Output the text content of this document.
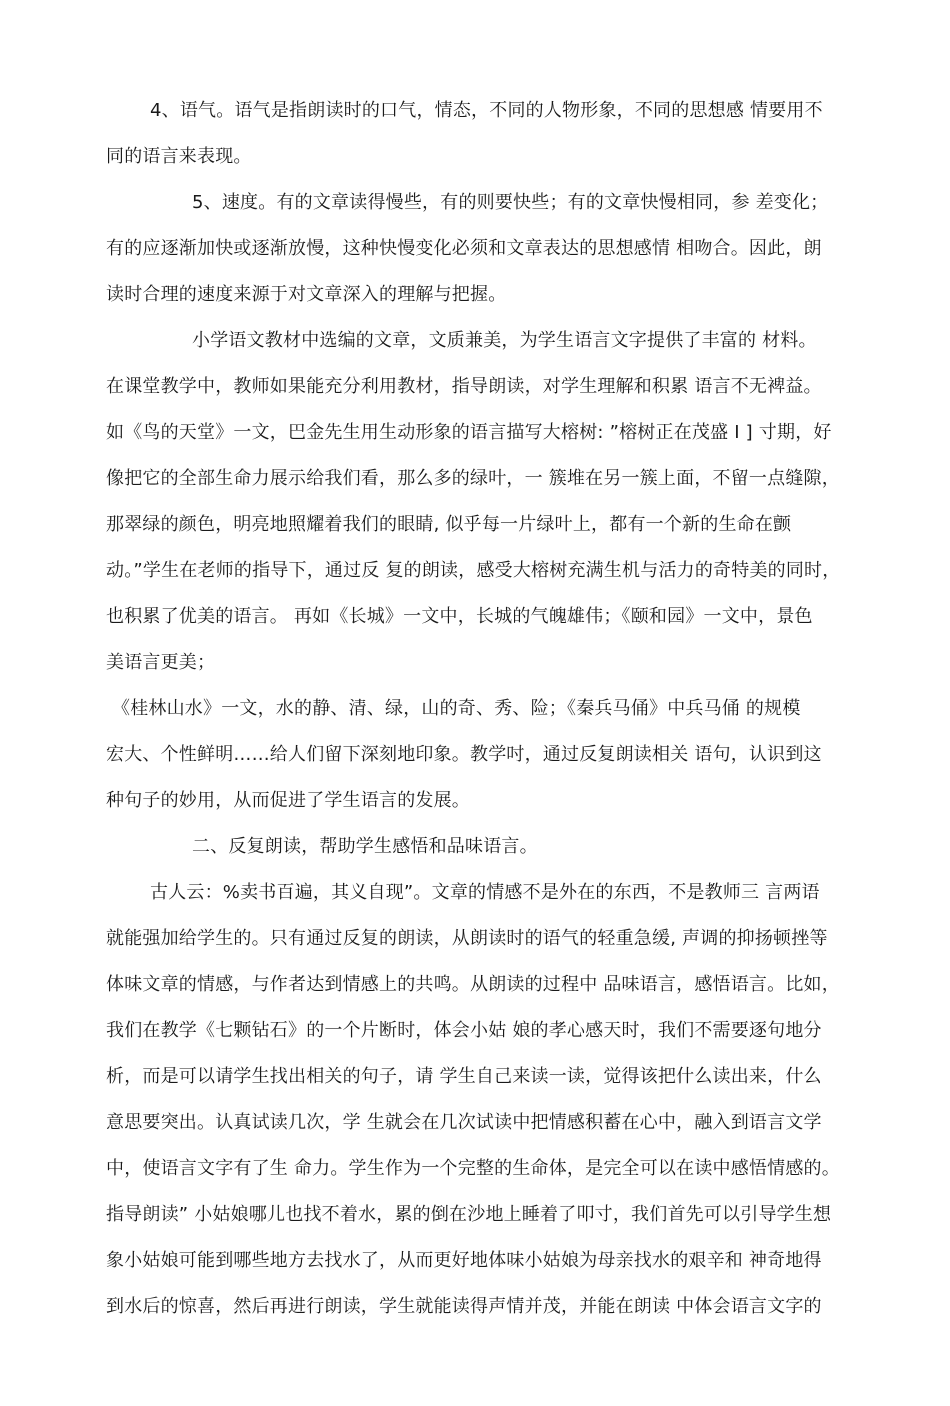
4、语气。语气是指朗读时的口气，情态，不同的人物形象，不同的思想感 情要用不
同的语言来表现。
5、速度。有的文章读得慢些，有的则要快些；有的文章快慢相同，参 差变化；
有的应逐渐加快或逐渐放慢，这种快慢变化必须和文章表达的思想感情 相吻合。因此，朗
读时合理的速度来源于对文章深入的理解与把握。
小学语文教材中选编的文章，文质兼美，为学生语言文字提供了丰富的 材料。
在课堂教学中，教师如果能充分利用教材，指导朗读，对学生理解和积累 语言不无裨益。
如《鸟的天堂》一文，巴金先生用生动形象的语言描写大榕树: ”榕树正在茂盛 I ] 寸期，好
像把它的全部生命力展示给我们看，那么多的绿叶，一 簇堆在另一簇上面，不留一点缝隙，
那翠绿的颜色，明亮地照耀着我们的眼睛, 似乎每一片绿叶上，都有一个新的生命在颤
动。”学生在老师的指导下，通过反 复的朗读，感受大榕树充满生机与活力的奇特美的同时，
也积累了优美的语言。 再如《长城》一文中，长城的气魄雄伟；《颐和园》一文中，景色
美语言更美；
《桂林山水》一文，水的静、清、绿，山的奇、秀、险；《秦兵马俑》中兵马俑 的规模
宏大、个性鲜明……给人们留下深刻地印象。教学吋，通过反复朗读相关 语句，认识到这
种句子的妙用，从而促进了学生语言的发展。
二、反复朗读，帮助学生感悟和品味语言。
古人云：%卖书百遍，其义自现”。文章的情感不是外在的东西，不是教师三 言两语
就能强加给学生的。只有通过反复的朗读，从朗读时的语气的轻重急缓, 声调的抑扬顿挫等
体味文章的情感，与作者达到情感上的共鸣。从朗读的过程中 品味语言，感悟语言。比如，
我们在教学《七颗钻石》的一个片断时，体会小姑 娘的孝心感天时，我们不需要逐句地分
析，而是可以请学生找出相关的句子，请 学生自己来读一读，觉得该把什么读出来，什么
意思要突出。认真试读几次，学 生就会在几次试读中把情感积蓄在心中，融入到语言文学
中，使语言文字有了生 命力。学生作为一个完整的生命体，是完全可以在读中感悟情感的。
指导朗读” 小姑娘哪儿也找不着水，累的倒在沙地上睡着了叩寸，我们首先可以引导学生想
象小姑娘可能到哪些地方去找水了，从而更好地体味小姑娘为母亲找水的艰辛和 神奇地得
到水后的惊喜，然后再进行朗读，学生就能读得声情并茂，并能在朗读 中体会语言文字的
